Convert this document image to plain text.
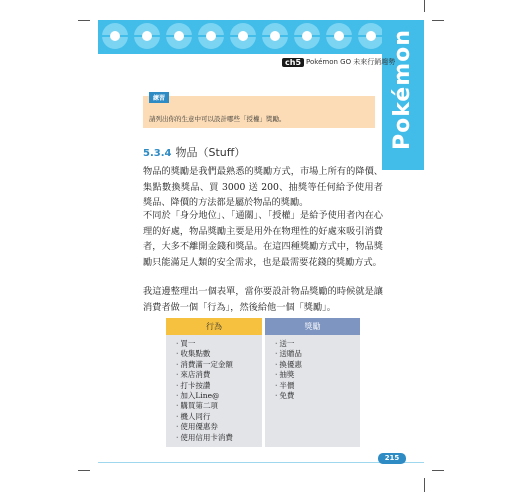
Pokémon
ch5 Pokémon GO 未來行銷趨勢
練習
請列出你的生意中可以設計哪些「授權」獎勵。
5.3.4 物品（Stuff）

物品的獎勵是我們最熟悉的獎勵方式，市場上所有的降價、集點數換獎品、買 3000 送 200、抽獎等任何給予使用者獎品、降價的方法都是屬於物品的獎勵。

不同於「身分地位」、「通關」、「授權」是給予使用者內在心理的好處，物品獎勵主要是用外在物理性的好處來吸引消費者，大多不離開金錢和獎品。在這四種獎勵方式中，物品獎勵只能滿足人類的安全需求，也是最需要花錢的獎勵方式。

我這邊整理出一個表單，當你要設計物品獎勵的時候就是讓消費者做一個「行為」，然後給他一個「獎勵」。

行為	獎勵
‧ 買一
‧ 收集點數
‧ 消費滿一定金額
‧ 來店消費
‧ 打卡按讚
‧ 加入Line@
‧ 購買第二項
‧ 機人同行
‧ 使用優惠券
‧ 使用信用卡消費
‧ 送一
‧ 送贈品
‧ 換優惠
‧ 抽獎
‧ 半價
‧ 免費
215
